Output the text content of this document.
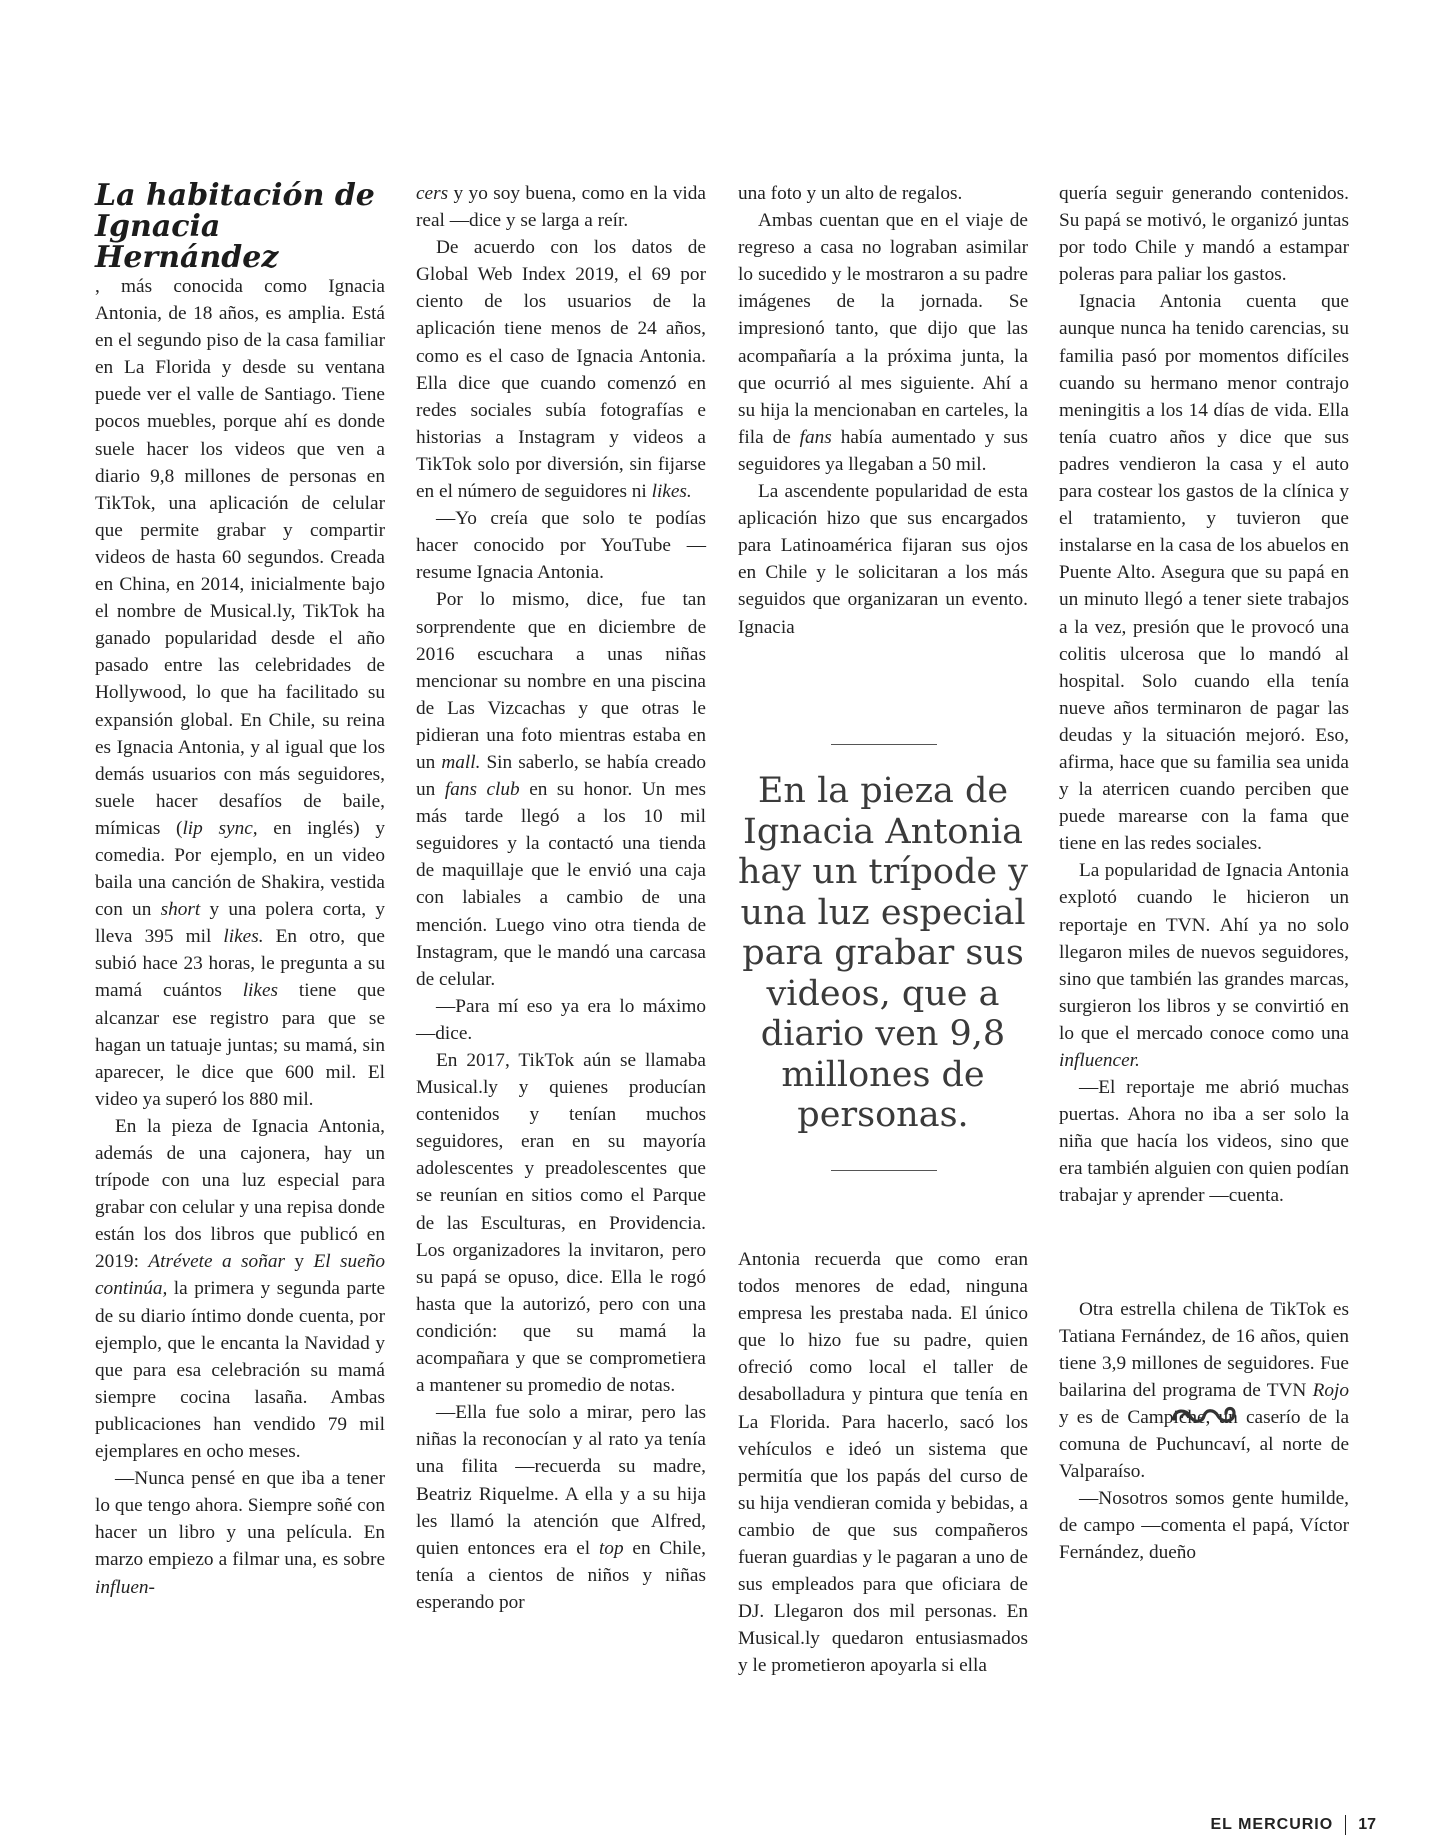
La habitación de
Ignacia Hernández
, más conocida como Ignacia Antonia, de 18 años, es amplia. Está en el segundo piso de la casa familiar en La Florida y desde su ventana puede ver el valle de Santiago. Tiene pocos muebles, porque ahí es donde suele hacer los videos que ven a diario 9,8 millones de personas en TikTok, una aplicación de celular que permite grabar y compartir videos de hasta 60 segundos. Creada en China, en 2014, inicialmente bajo el nombre de Musical.ly, TikTok ha ganado popularidad desde el año pasado entre las celebridades de Hollywood, lo que ha facilitado su expansión global. En Chile, su reina es Ignacia Antonia, y al igual que los demás usuarios con más seguidores, suele hacer desafíos de baile, mímicas (lip sync, en inglés) y comedia. Por ejemplo, en un video baila una canción de Shakira, vestida con un short y una polera corta, y lleva 395 mil likes. En otro, que subió hace 23 horas, le pregunta a su mamá cuántos likes tiene que alcanzar ese registro para que se hagan un tatuaje juntas; su mamá, sin aparecer, le dice que 600 mil. El video ya superó los 880 mil.

En la pieza de Ignacia Antonia, además de una cajonera, hay un trípode con una luz especial para grabar con celular y una repisa donde están los dos libros que publicó en 2019: Atrévete a soñar y El sueño continúa, la primera y segunda parte de su diario íntimo donde cuenta, por ejemplo, que le encanta la Navidad y que para esa celebración su mamá siempre cocina lasaña. Ambas publicaciones han vendido 79 mil ejemplares en ocho meses.

—Nunca pensé en que iba a tener lo que tengo ahora. Siempre soñé con hacer un libro y una película. En marzo empiezo a filmar una, es sobre influen-

cers y yo soy buena, como en la vida real —dice y se larga a reír.

De acuerdo con los datos de Global Web Index 2019, el 69 por ciento de los usuarios de la aplicación tiene menos de 24 años, como es el caso de Ignacia Antonia. Ella dice que cuando comenzó en redes sociales subía fotografías e historias a Instagram y videos a TikTok solo por diversión, sin fijarse en el número de seguidores ni likes.

—Yo creía que solo te podías hacer conocido por YouTube —resume Ignacia Antonia.

Por lo mismo, dice, fue tan sorprendente que en diciembre de 2016 escuchara a unas niñas mencionar su nombre en una piscina de Las Vizcachas y que otras le pidieran una foto mientras estaba en un mall. Sin saberlo, se había creado un fans club en su honor. Un mes más tarde llegó a los 10 mil seguidores y la contactó una tienda de maquillaje que le envió una caja con labiales a cambio de una mención. Luego vino otra tienda de Instagram, que le mandó una carcasa de celular.

—Para mí eso ya era lo máximo —dice.

En 2017, TikTok aún se llamaba Musical.ly y quienes producían contenidos y tenían muchos seguidores, eran en su mayoría adolescentes y preadolescentes que se reunían en sitios como el Parque de las Esculturas, en Providencia. Los organizadores la invitaron, pero su papá se opuso, dice. Ella le rogó hasta que la autorizó, pero con una condición: que su mamá la acompañara y que se comprometiera a mantener su promedio de notas.

—Ella fue solo a mirar, pero las niñas la reconocían y al rato ya tenía una filita —recuerda su madre, Beatriz Riquelme. A ella y a su hija les llamó la atención que Alfred, quien entonces era el top en Chile, tenía a cientos de niños y niñas esperando por

una foto y un alto de regalos.

Ambas cuentan que en el viaje de regreso a casa no lograban asimilar lo sucedido y le mostraron a su padre imágenes de la jornada. Se impresionó tanto, que dijo que las acompañaría a la próxima junta, la que ocurrió al mes siguiente. Ahí a su hija la mencionaban en carteles, la fila de fans había aumentado y sus seguidores ya llegaban a 50 mil.

La ascendente popularidad de esta aplicación hizo que sus encargados para Latinoamérica fijaran sus ojos en Chile y le solicitaran a los más seguidos que organizaran un evento. Ignacia

En la pieza de Ignacia Antonia hay un trípode y una luz especial para grabar sus videos, que a diario ven 9,8 millones de personas.

Antonia recuerda que como eran todos menores de edad, ninguna empresa les prestaba nada. El único que lo hizo fue su padre, quien ofreció como local el taller de desabolladura y pintura que tenía en La Florida. Para hacerlo, sacó los vehículos e ideó un sistema que permitía que los papás del curso de su hija vendieran comida y bebidas, a cambio de que sus compañeros fueran guardias y le pagaran a uno de sus empleados para que oficiara de DJ. Llegaron dos mil personas. En Musical.ly quedaron entusiasmados y le prometieron apoyarla si ella

quería seguir generando contenidos. Su papá se motivó, le organizó juntas por todo Chile y mandó a estampar poleras para paliar los gastos.

Ignacia Antonia cuenta que aunque nunca ha tenido carencias, su familia pasó por momentos difíciles cuando su hermano menor contrajo meningitis a los 14 días de vida. Ella tenía cuatro años y dice que sus padres vendieron la casa y el auto para costear los gastos de la clínica y el tratamiento, y tuvieron que instalarse en la casa de los abuelos en Puente Alto. Asegura que su papá en un minuto llegó a tener siete trabajos a la vez, presión que le provocó una colitis ulcerosa que lo mandó al hospital. Solo cuando ella tenía nueve años terminaron de pagar las deudas y la situación mejoró. Eso, afirma, hace que su familia sea unida y la aterricen cuando perciben que puede marearse con la fama que tiene en las redes sociales.

La popularidad de Ignacia Antonia explotó cuando le hicieron un reportaje en TVN. Ahí ya no solo llegaron miles de nuevos seguidores, sino que también las grandes marcas, surgieron los libros y se convirtió en lo que el mercado conoce como una influencer.

—El reportaje me abrió muchas puertas. Ahora no iba a ser solo la niña que hacía los videos, sino que era también alguien con quien podían trabajar y aprender —cuenta.

Otra estrella chilena de TikTok es Tatiana Fernández, de 16 años, quien tiene 3,9 millones de seguidores. Fue bailarina del programa de TVN Rojo y es de Campiche, un caserío de la comuna de Puchuncaví, al norte de Valparaíso.

—Nosotros somos gente humilde, de campo —comenta el papá, Víctor Fernández, dueño

EL MERCURIO 17
